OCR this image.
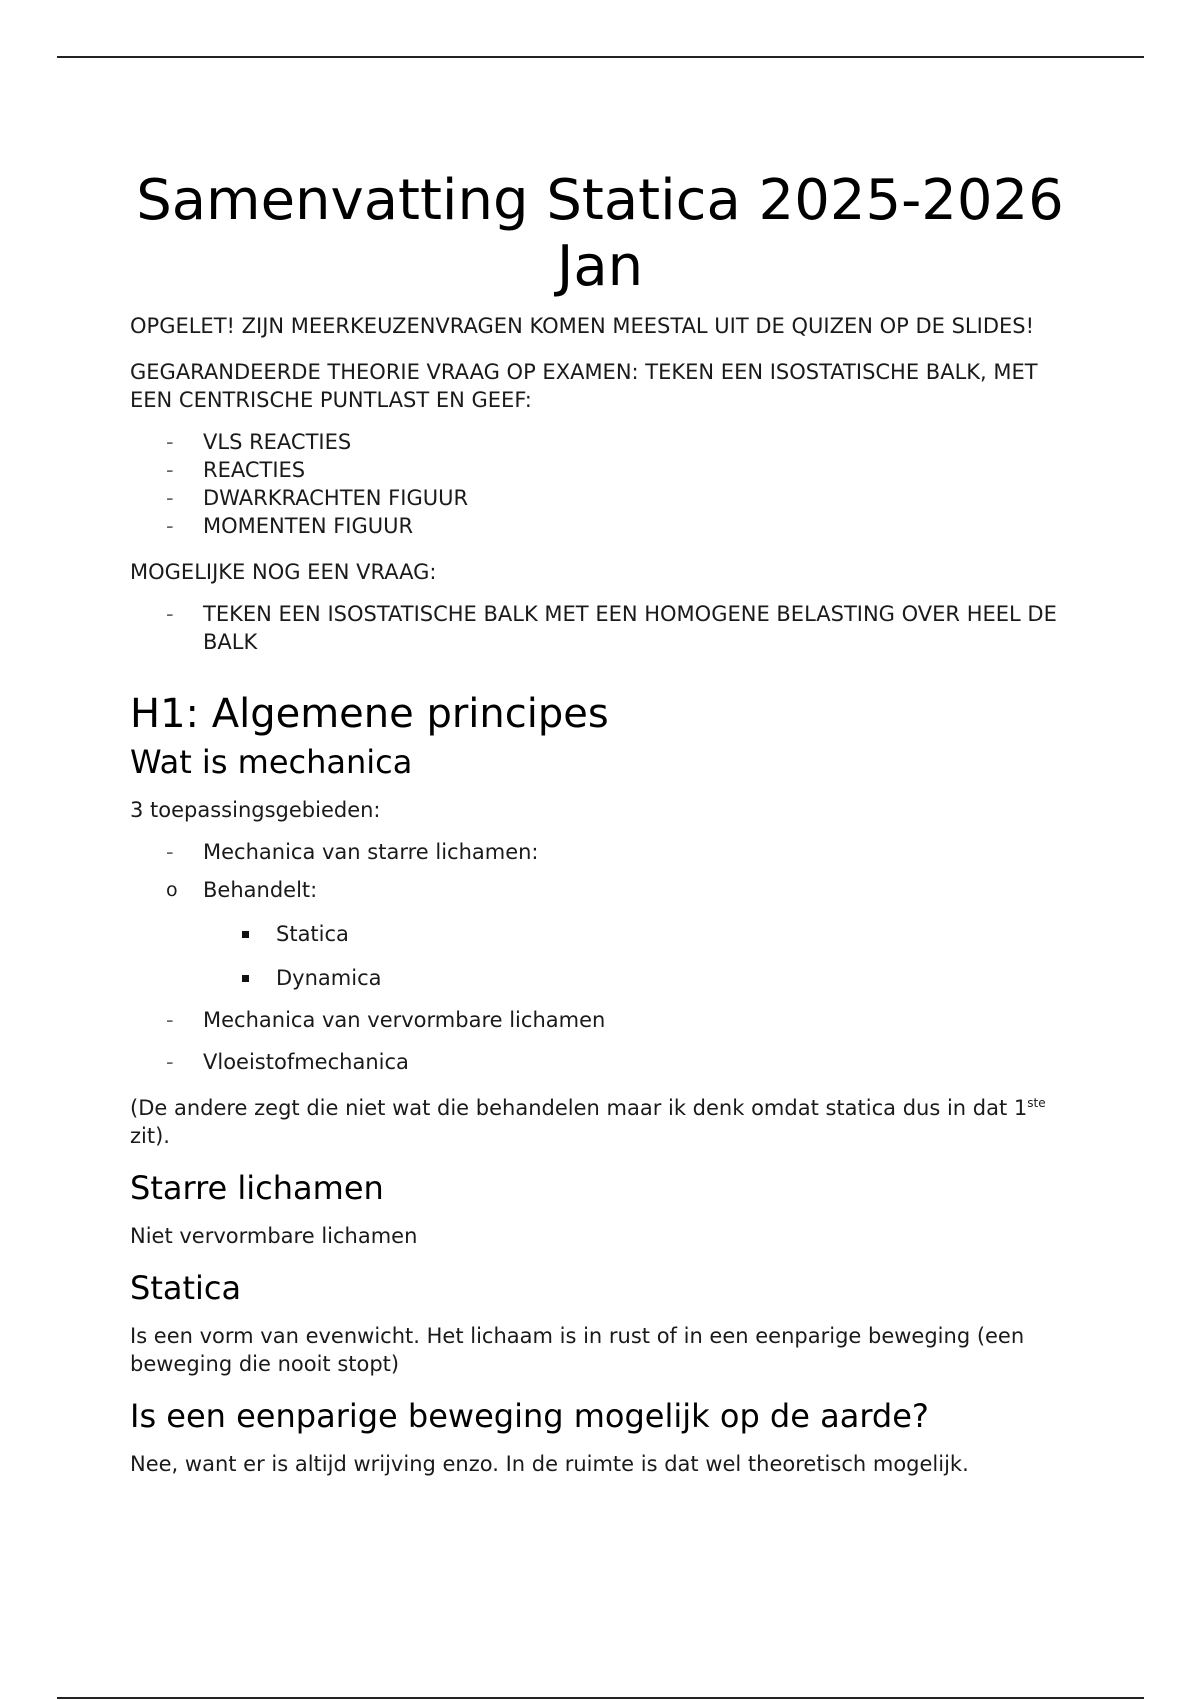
Samenvatting Statica 2025-2026 Jan

OPGELET! ZIJN MEERKEUZENVRAGEN KOMEN MEESTAL UIT DE QUIZEN OP DE SLIDES!

GEGARANDEERDE THEORIE VRAAG OP EXAMEN: TEKEN EEN ISOSTATISCHE BALK, MET EEN CENTRISCHE PUNTLAST EN GEEF:

- VLS REACTIES
- REACTIES
- DWARKRACHTEN FIGUUR
- MOMENTEN FIGUUR

MOGELIJKE NOG EEN VRAAG:

- TEKEN EEN ISOSTATISCHE BALK MET EEN HOMOGENE BELASTING OVER HEEL DE BALK
H1: Algemene principes
Wat is mechanica

3 toepassingsgebieden:

- Mechanica van starre lichamen:
o Behandelt:
Statica
Dynamica
- Mechanica van vervormbare lichamen
- Vloeistofmechanica

(De andere zegt die niet wat die behandelen maar ik denk omdat statica dus in dat 1ste zit).

Starre lichamen

Niet vervormbare lichamen

Statica

Is een vorm van evenwicht. Het lichaam is in rust of in een eenparige beweging (een beweging die nooit stopt)

Is een eenparige beweging mogelijk op de aarde?

Nee, want er is altijd wrijving enzo. In de ruimte is dat wel theoretisch mogelijk.
